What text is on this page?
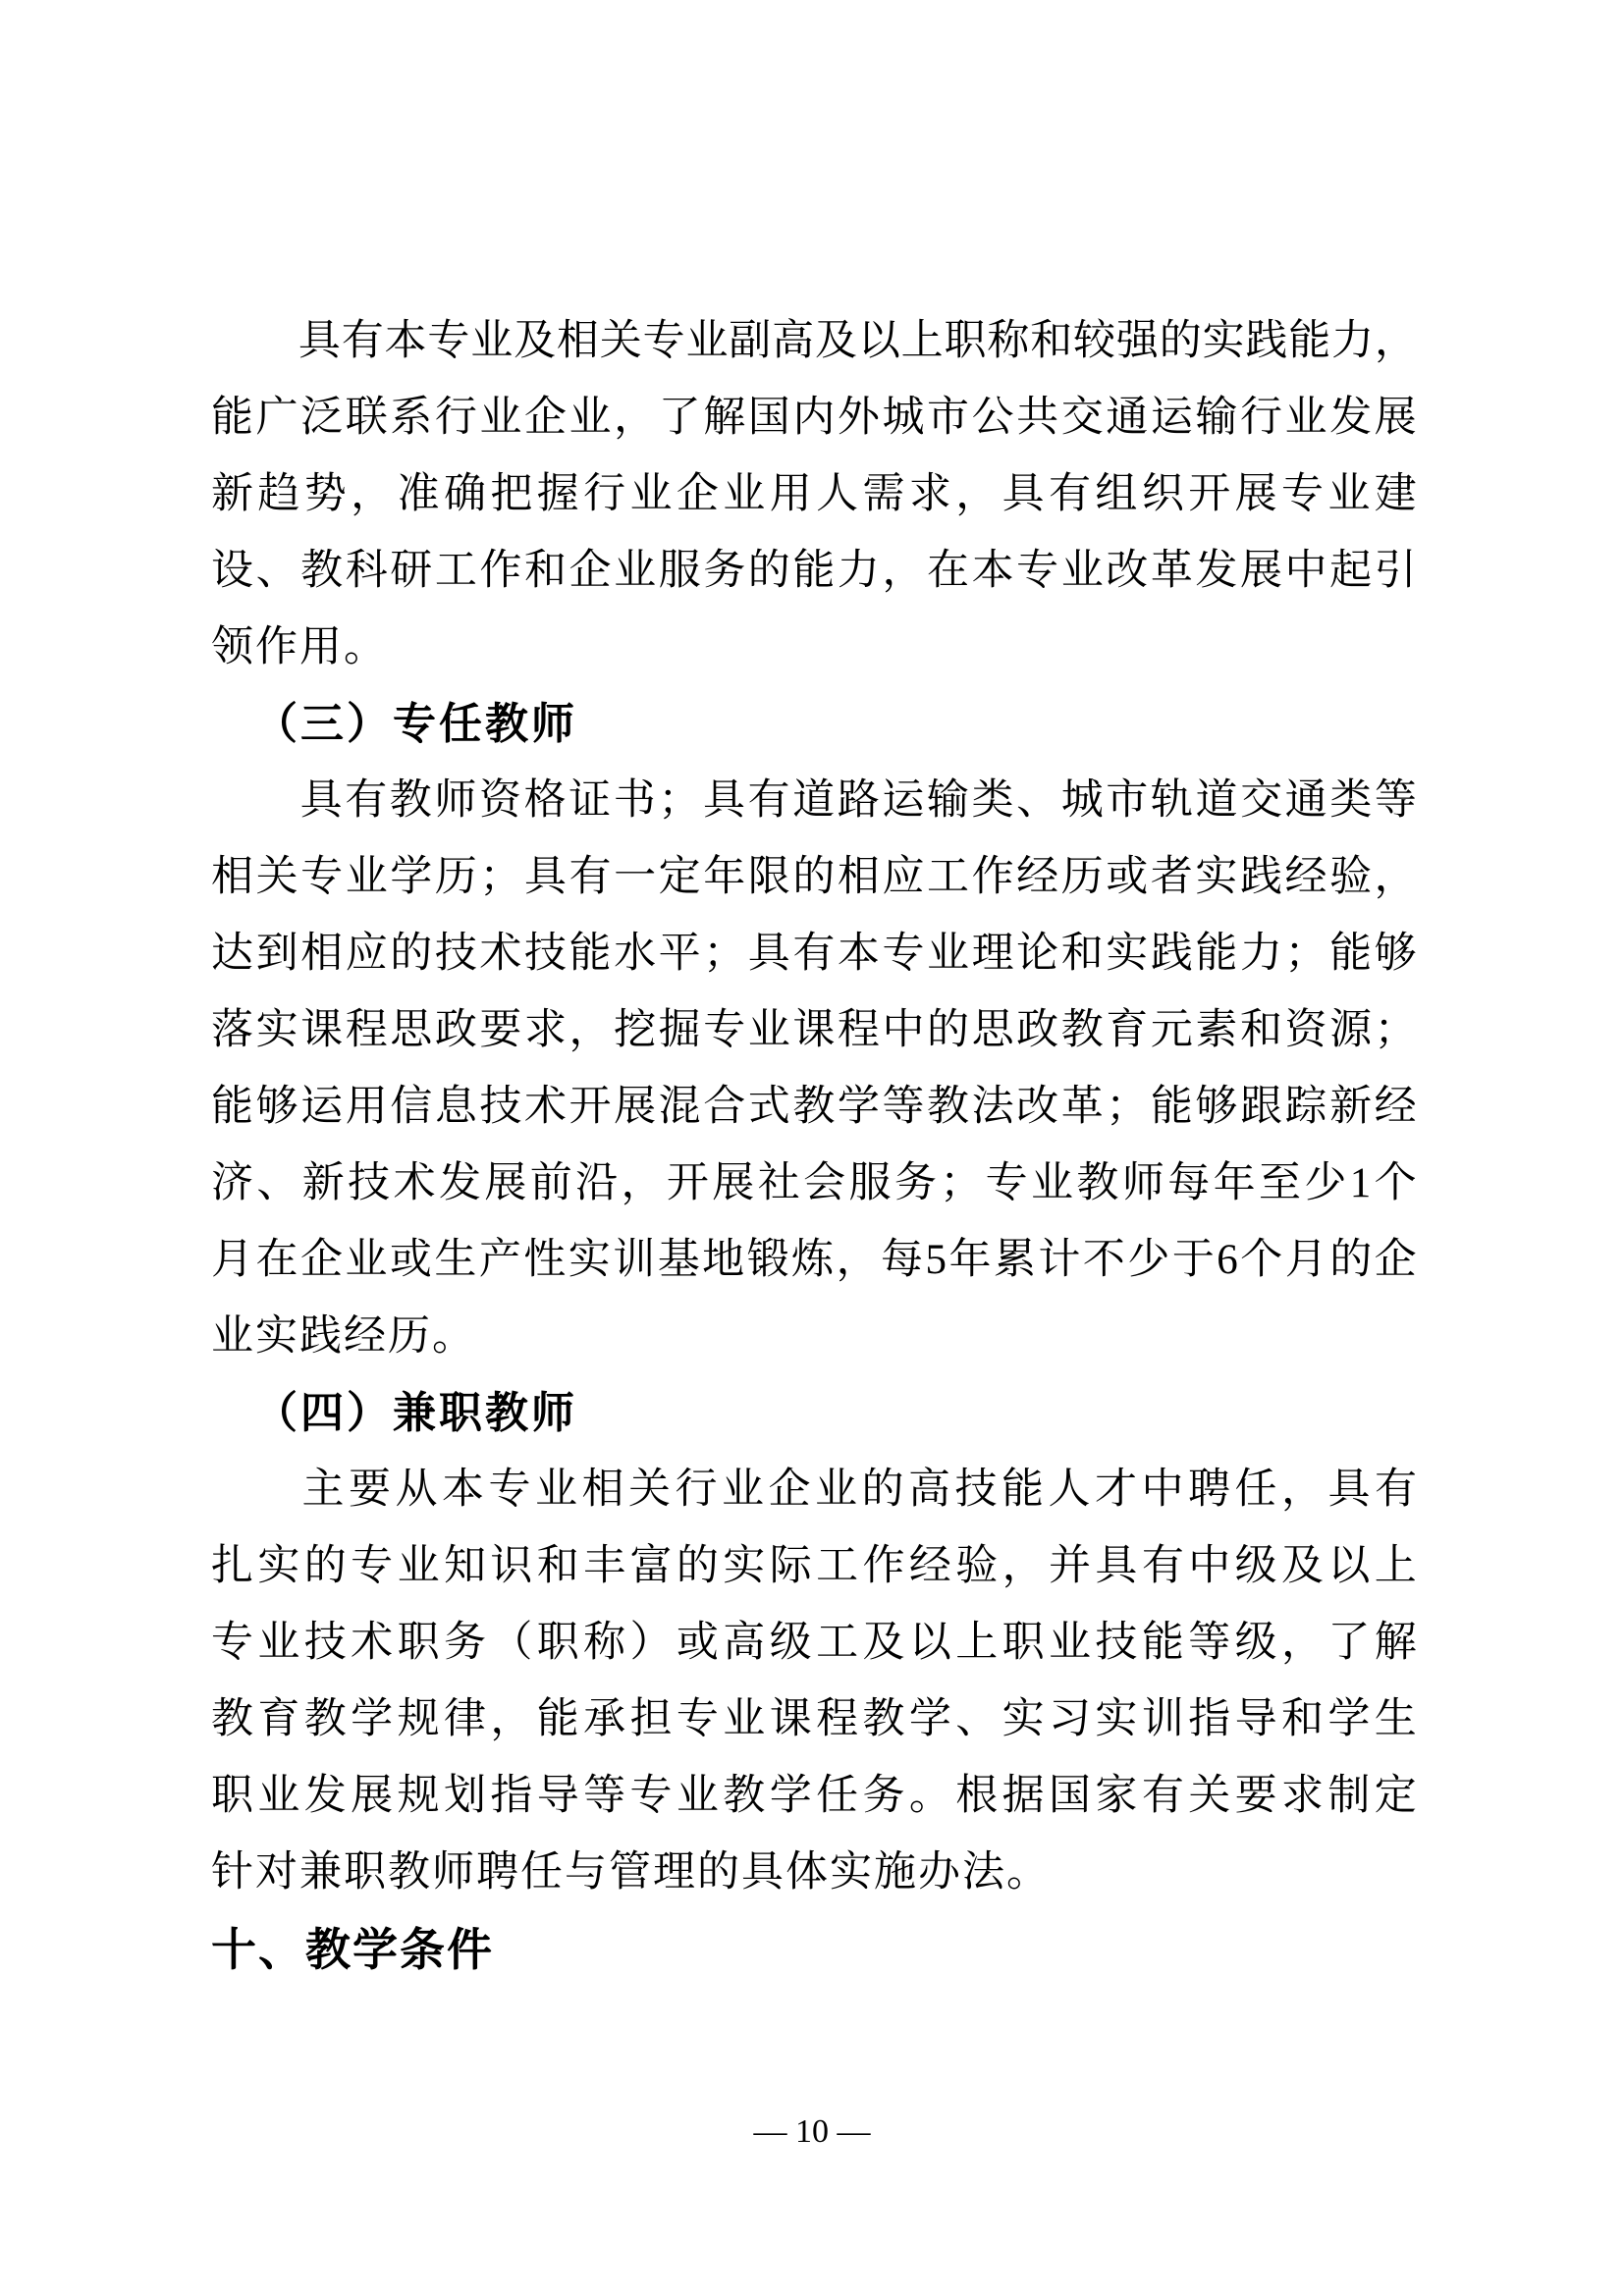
具 有 本 专 业 及 相 关 专 业 副 高 及 以 上 职 称 和 较 强 的 实 践 能 力 ，
能 广 泛 联 系 行 业 企 业 ， 了 解 国 内 外 城 市 公 共 交 通 运 输 行 业 发 展
新 趋 势 ， 准 确 把 握 行 业 企 业 用 人 需 求 ， 具 有 组 织 开 展 专 业 建
设 、 教 科 研 工 作 和 企 业 服 务 的 能 力 ， 在 本 专 业 改 革 发 展 中 起 引
领作用。
（三）专任教师
具 有 教 师 资 格 证 书 ； 具 有 道 路 运 输 类 、 城 市 轨 道 交 通 类 等
相 关 专 业 学 历 ； 具 有 一 定 年 限 的 相 应 工 作 经 历 或 者 实 践 经 验 ，
达 到 相 应 的 技 术 技 能 水 平 ； 具 有 本 专 业 理 论 和 实 践 能 力 ； 能 够
落 实 课 程 思 政 要 求 ， 挖 掘 专 业 课 程 中 的 思 政 教 育 元 素 和 资 源 ；
能 够 运 用 信 息 技 术 开 展 混 合 式 教 学 等 教 法 改 革 ； 能 够 跟 踪 新 经
济 、 新 技 术 发 展 前 沿 ， 开 展 社 会 服 务 ； 专 业 教 师 每 年 至 少 1 个
月 在 企 业 或 生 产 性 实 训 基 地 锻 炼 ， 每 5 年 累 计 不 少 于 6 个 月 的 企
业实践经历。
（四）兼职教师
主 要 从 本 专 业 相 关 行 业 企 业 的 高 技 能 人 才 中 聘 任 ， 具 有
扎 实 的 专 业 知 识 和 丰 富 的 实 际 工 作 经 验 ， 并 具 有 中 级 及 以 上
专 业 技 术 职 务 （ 职 称 ） 或 高 级 工 及 以 上 职 业 技 能 等 级 ， 了 解
教 育 教 学 规 律 ， 能 承 担 专 业 课 程 教 学 、 实 习 实 训 指 导 和 学 生
职 业 发 展 规 划 指 导 等 专 业 教 学 任 务 。 根 据 国 家 有 关 要 求 制 定
针对兼职教师聘任与管理的具体实施办法。
十、教学条件
— 10 —
